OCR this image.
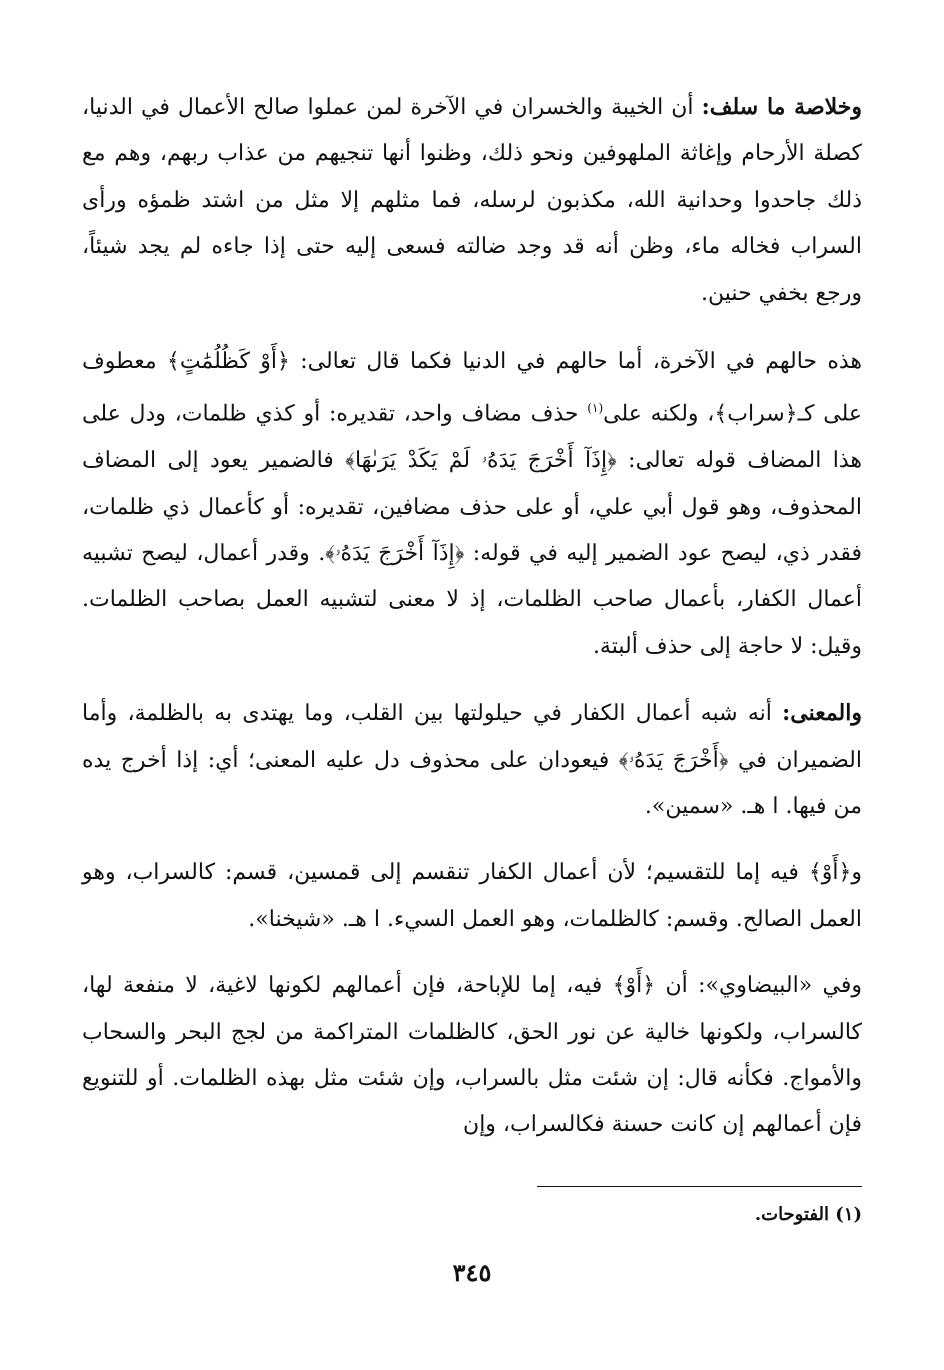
وخلاصة ما سلف: أن الخيبة والخسران في الآخرة لمن عملوا صالح الأعمال في الدنيا، كصلة الأرحام وإغاثة الملهوفين ونحو ذلك، وظنوا أنها تنجيهم من عذاب ربهم، وهم مع ذلك جاحدوا وحدانية الله، مكذبون لرسله، فما مثلهم إلا مثل من اشتد ظمؤه ورأى السراب فخاله ماء، وظن أنه قد وجد ضالته فسعى إليه حتى إذا جاءه لم يجد شيئاً، ورجع بخفي حنين.

هذه حالهم في الآخرة، أما حالهم في الدنيا فكما قال تعالى: ﴿أَوْ كَظُلُمَٰتٍ﴾ معطوف على كـ﴿سراب﴾، ولكنه على$^{(١)}$ حذف مضاف واحد، تقديره: أو كذي ظلمات، ودل على هذا المضاف قوله تعالى: ﴿إِذَآ أَخْرَجَ يَدَهُۥ لَمْ يَكَدْ يَرَىٰهَا﴾ فالضمير يعود إلى المضاف المحذوف، وهو قول أبي علي، أو على حذف مضافين، تقديره: أو كأعمال ذي ظلمات، فقدر ذي، ليصح عود الضمير إليه في قوله: ﴿إِذَآ أَخْرَجَ يَدَهُۥ﴾. وقدر أعمال، ليصح تشبيه أعمال الكفار، بأعمال صاحب الظلمات، إذ لا معنى لتشبيه العمل بصاحب الظلمات. وقيل: لا حاجة إلى حذف ألبتة.

والمعنى: أنه شبه أعمال الكفار في حيلولتها بين القلب، وما يهتدى به بالظلمة، وأما الضميران في ﴿أَخْرَجَ يَدَهُۥ﴾ فيعودان على محذوف دل عليه المعنى؛ أي: إذا أخرج يده من فيها. ا هـ. «سمين».

و﴿أَوْ﴾ فيه إما للتقسيم؛ لأن أعمال الكفار تنقسم إلى قمسين، قسم: كالسراب، وهو العمل الصالح. وقسم: كالظلمات، وهو العمل السيء. ا هـ. «شيخنا».

وفي «البيضاوي»: أن ﴿أَوْ﴾ فيه، إما للإباحة، فإن أعمالهم لكونها لاغية، لا منفعة لها، كالسراب، ولكونها خالية عن نور الحق، كالظلمات المتراكمة من لجج البحر والسحاب والأمواج. فكأنه قال: إن شئت مثل بالسراب، وإن شئت مثل بهذه الظلمات. أو للتنويع فإن أعمالهم إن كانت حسنة فكالسراب، وإن

(١) الفتوحات.
٣٤٥
